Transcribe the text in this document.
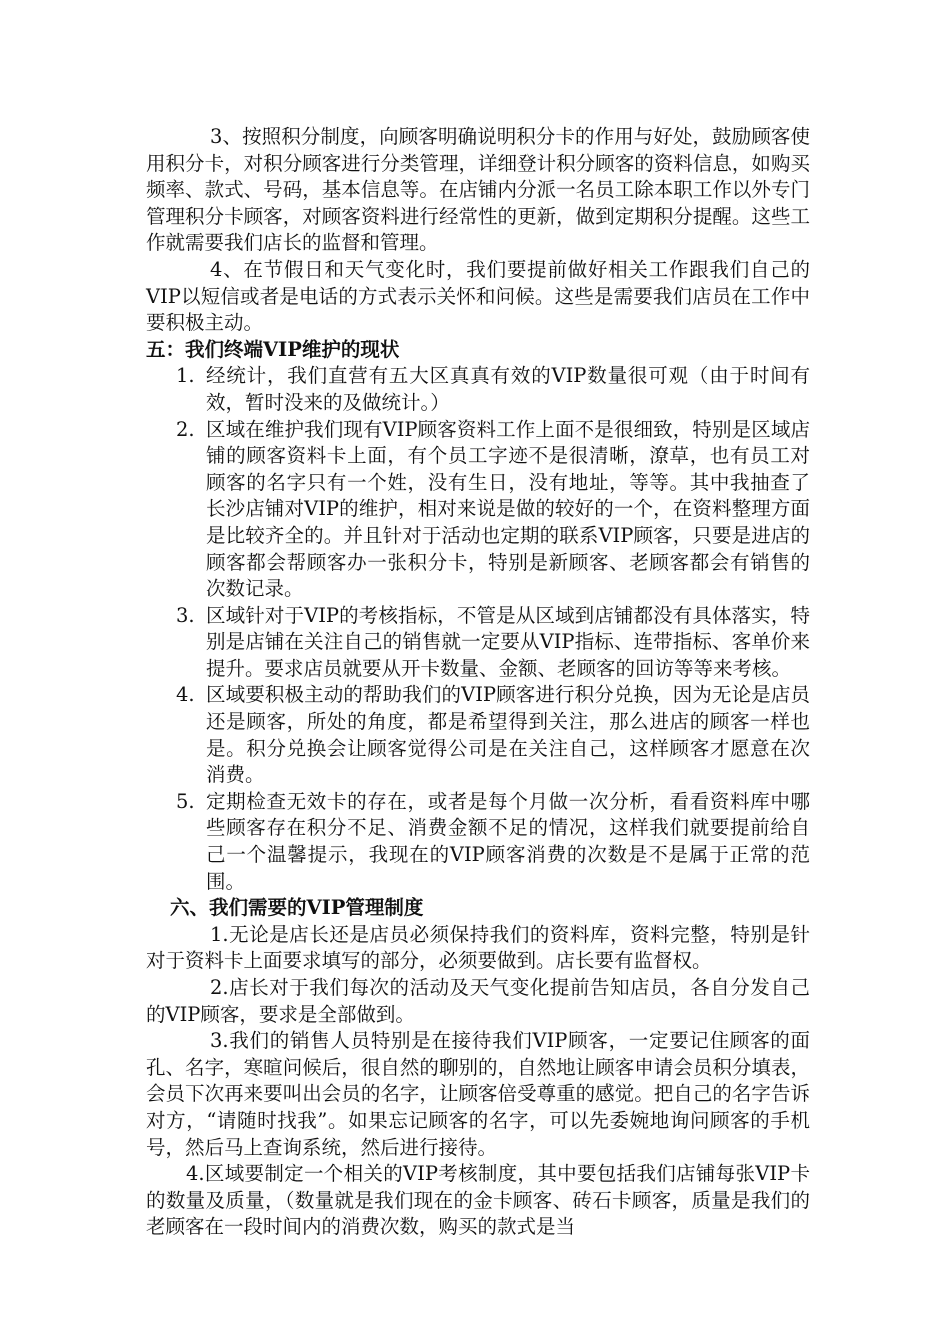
3、按照积分制度，向顾客明确说明积分卡的作用与好处，鼓励顾客使用积分卡，对积分顾客进行分类管理，详细登计积分顾客的资料信息，如购买频率、款式、号码，基本信息等。在店铺内分派一名员工除本职工作以外专门管理积分卡顾客，对顾客资料进行经常性的更新，做到定期积分提醒。这些工作就需要我们店长的监督和管理。

4、在节假日和天气变化时，我们要提前做好相关工作跟我们自己的VIP以短信或者是电话的方式表示关怀和问候。这些是需要我们店员在工作中要积极主动。

五：我们终端VIP维护的现状

1. 经统计，我们直营有五大区真真有效的VIP数量很可观（由于时间有效，暂时没来的及做统计。）
2. 区域在维护我们现有VIP顾客资料工作上面不是很细致，特别是区域店铺的顾客资料卡上面，有个员工字迹不是很清晰，潦草，也有员工对顾客的名字只有一个姓，没有生日，没有地址，等等。其中我抽查了长沙店铺对VIP的维护，相对来说是做的较好的一个，在资料整理方面是比较齐全的。并且针对于活动也定期的联系VIP顾客，只要是进店的顾客都会帮顾客办一张积分卡，特别是新顾客、老顾客都会有销售的次数记录。
3. 区域针对于VIP的考核指标，不管是从区域到店铺都没有具体落实，特别是店铺在关注自己的销售就一定要从VIP指标、连带指标、客单价来提升。要求店员就要从开卡数量、金额、老顾客的回访等等来考核。
4. 区域要积极主动的帮助我们的VIP顾客进行积分兑换，因为无论是店员还是顾客，所处的角度，都是希望得到关注，那么进店的顾客一样也是。积分兑换会让顾客觉得公司是在关注自己，这样顾客才愿意在次消费。
5. 定期检查无效卡的存在，或者是每个月做一次分析，看看资料库中哪些顾客存在积分不足、消费金额不足的情况，这样我们就要提前给自己一个温馨提示，我现在的VIP顾客消费的次数是不是属于正常的范围。

六、我们需要的VIP管理制度

1.无论是店长还是店员必须保持我们的资料库，资料完整，特别是针对于资料卡上面要求填写的部分，必须要做到。店长要有监督权。

2.店长对于我们每次的活动及天气变化提前告知店员，各自分发自己的VIP顾客，要求是全部做到。

3.我们的销售人员特别是在接待我们VIP顾客，一定要记住顾客的面孔、名字，寒暄问候后，很自然的聊别的，自然地让顾客申请会员积分填表，会员下次再来要叫出会员的名字，让顾客倍受尊重的感觉。把自己的名字告诉对方，“请随时找我”。如果忘记顾客的名字，可以先委婉地询问顾客的手机号，然后马上查询系统，然后进行接待。

4.区域要制定一个相关的VIP考核制度，其中要包括我们店铺每张VIP卡的数量及质量，（数量就是我们现在的金卡顾客、砖石卡顾客，质量是我们的老顾客在一段时间内的消费次数，购买的款式是当
